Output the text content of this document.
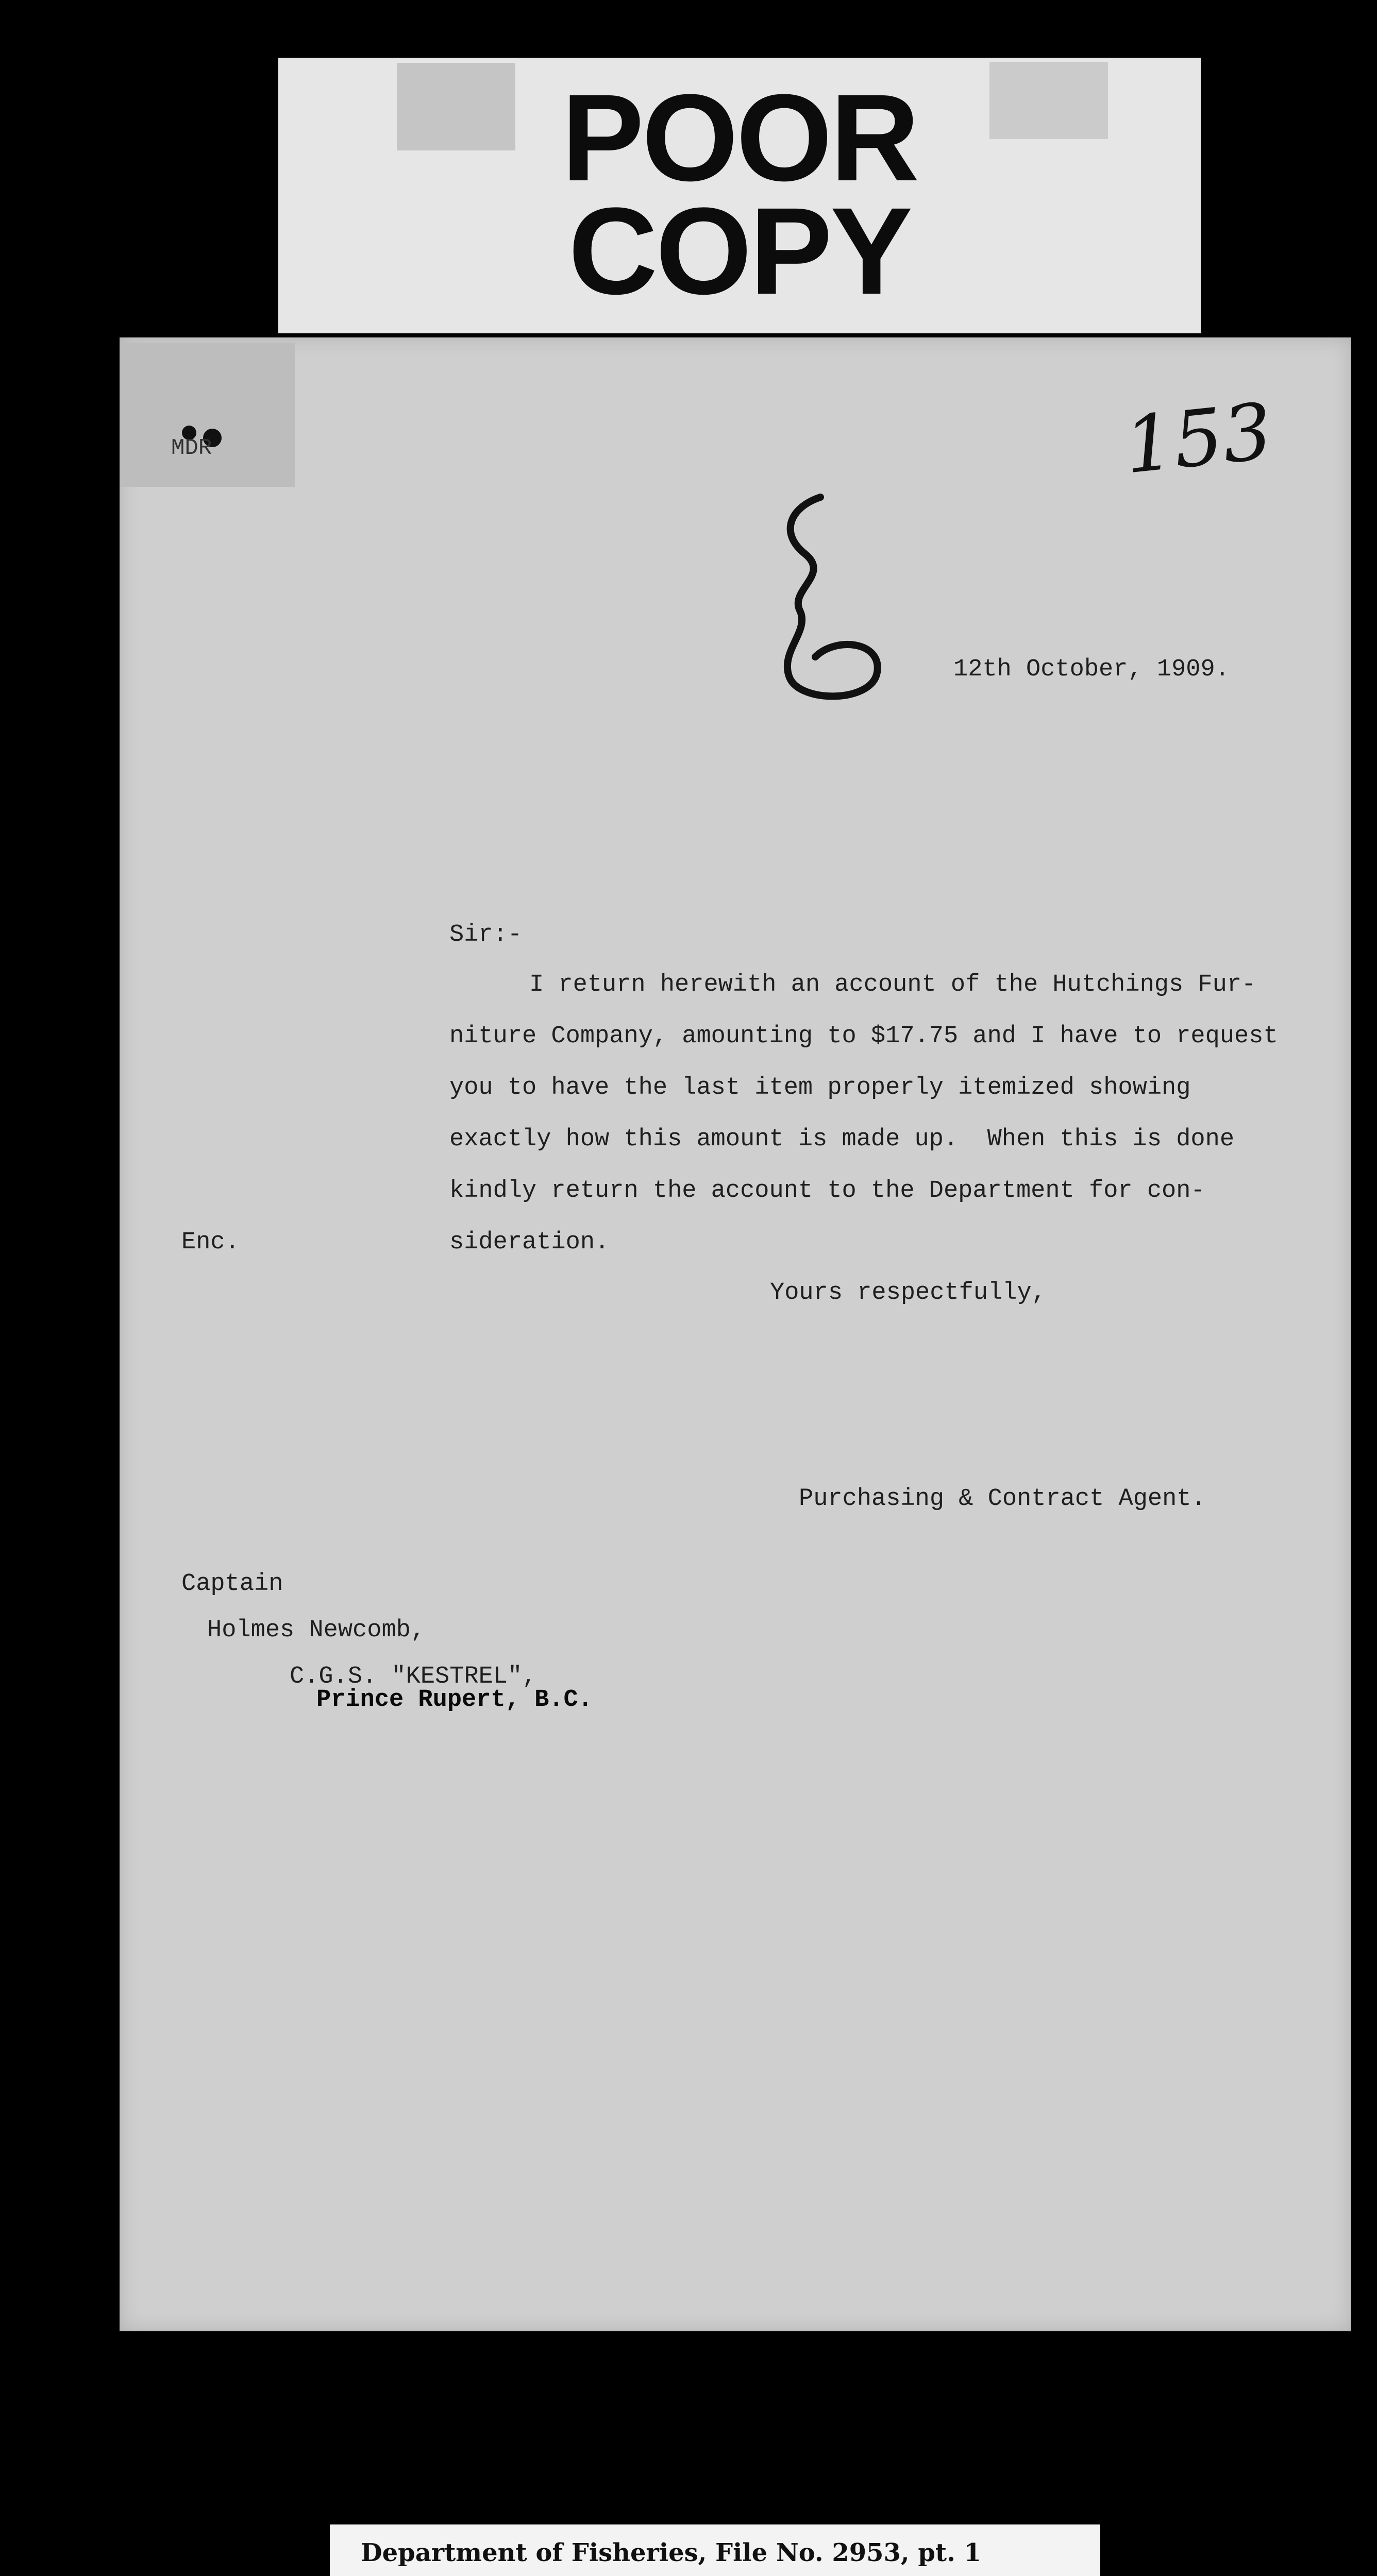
POOR
COPY
MDR	153
12th October, 1909.
Sir:-
I return herewith an account of the Hutchings Fur-
niture Company, amounting to $17.75 and I have to request
you to have the last item properly itemized showing
exactly how this amount is made up.  When this is done
kindly return the account to the Department for con-
sideration.
Enc.
Yours respectfully,
Purchasing & Contract Agent.
Captain
Holmes Newcomb,
C.G.S. "KESTREL",
Prince Rupert, B.C.
Department of Fisheries, File No. 2953, pt. 1
